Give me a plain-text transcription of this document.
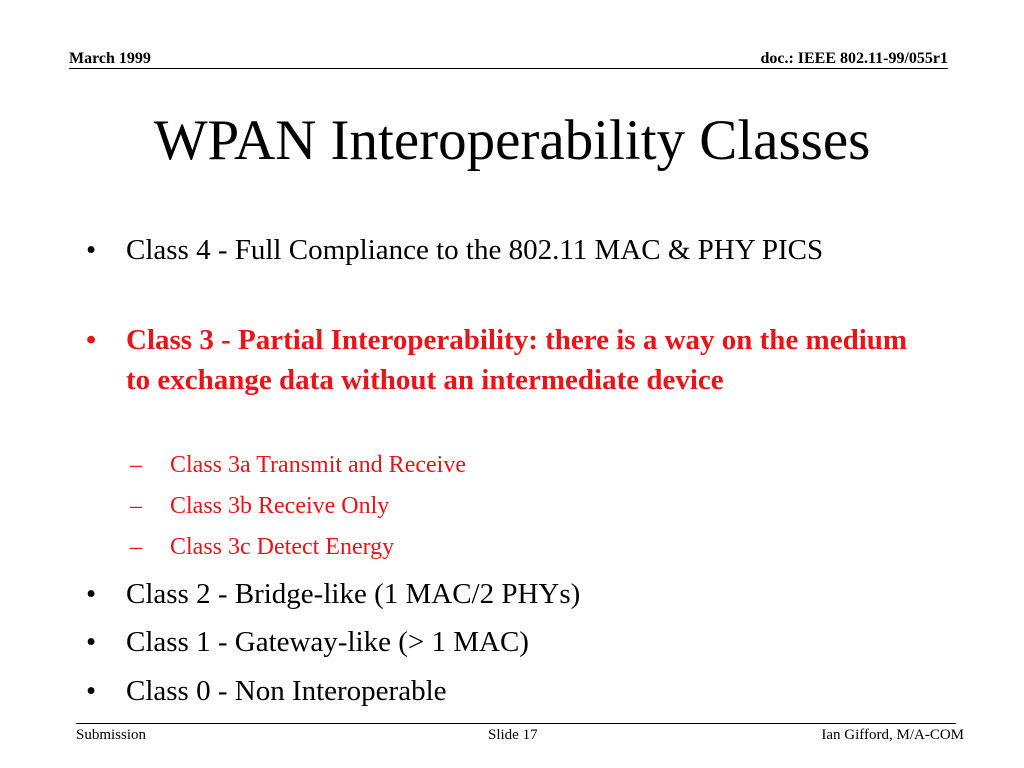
March 1999	doc.: IEEE 802.11-99/055r1
WPAN Interoperability Classes
• Class 4 - Full Compliance to the 802.11 MAC & PHY PICS
• Class 3 - Partial Interoperability: there is a way on the medium to exchange data without an intermediate device
– Class 3a Transmit and Receive
– Class 3b Receive Only
– Class 3c Detect Energy
• Class 2 - Bridge-like (1 MAC/2 PHYs)
• Class 1 - Gateway-like (> 1 MAC)
• Class 0 - Non Interoperable
Submission	Slide 17	Ian Gifford, M/A-COM
